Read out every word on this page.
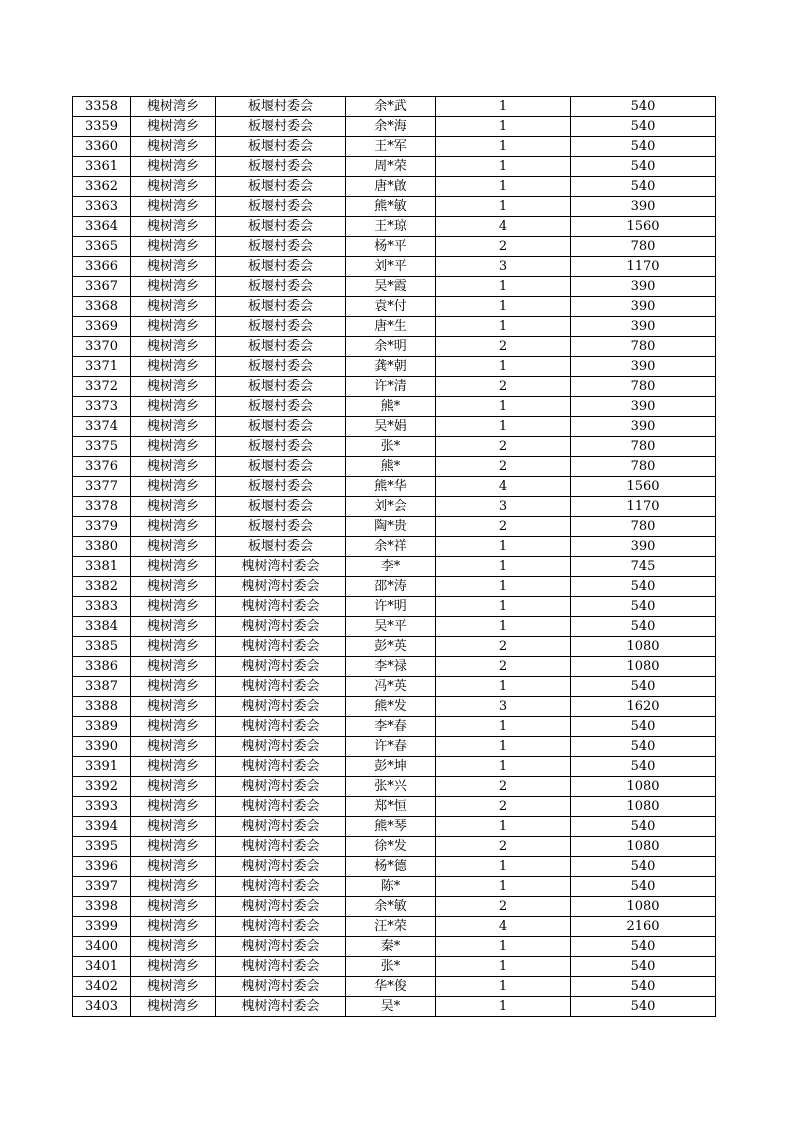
3358	槐树湾乡	板堰村委会	余*武	1	540
3359	槐树湾乡	板堰村委会	余*海	1	540
3360	槐树湾乡	板堰村委会	王*军	1	540
3361	槐树湾乡	板堰村委会	周*荣	1	540
3362	槐树湾乡	板堰村委会	唐*啟	1	540
3363	槐树湾乡	板堰村委会	熊*敏	1	390
3364	槐树湾乡	板堰村委会	王*琼	4	1560
3365	槐树湾乡	板堰村委会	杨*平	2	780
3366	槐树湾乡	板堰村委会	刘*平	3	1170
3367	槐树湾乡	板堰村委会	吴*霞	1	390
3368	槐树湾乡	板堰村委会	袁*付	1	390
3369	槐树湾乡	板堰村委会	唐*生	1	390
3370	槐树湾乡	板堰村委会	余*明	2	780
3371	槐树湾乡	板堰村委会	龚*朝	1	390
3372	槐树湾乡	板堰村委会	许*清	2	780
3373	槐树湾乡	板堰村委会	熊*	1	390
3374	槐树湾乡	板堰村委会	吴*娟	1	390
3375	槐树湾乡	板堰村委会	张*	2	780
3376	槐树湾乡	板堰村委会	熊*	2	780
3377	槐树湾乡	板堰村委会	熊*华	4	1560
3378	槐树湾乡	板堰村委会	刘*会	3	1170
3379	槐树湾乡	板堰村委会	陶*贵	2	780
3380	槐树湾乡	板堰村委会	余*祥	1	390
3381	槐树湾乡	槐树湾村委会	李*	1	745
3382	槐树湾乡	槐树湾村委会	邵*涛	1	540
3383	槐树湾乡	槐树湾村委会	许*明	1	540
3384	槐树湾乡	槐树湾村委会	吴*平	1	540
3385	槐树湾乡	槐树湾村委会	彭*英	2	1080
3386	槐树湾乡	槐树湾村委会	李*禄	2	1080
3387	槐树湾乡	槐树湾村委会	冯*英	1	540
3388	槐树湾乡	槐树湾村委会	熊*发	3	1620
3389	槐树湾乡	槐树湾村委会	李*春	1	540
3390	槐树湾乡	槐树湾村委会	许*春	1	540
3391	槐树湾乡	槐树湾村委会	彭*坤	1	540
3392	槐树湾乡	槐树湾村委会	张*兴	2	1080
3393	槐树湾乡	槐树湾村委会	郑*恒	2	1080
3394	槐树湾乡	槐树湾村委会	熊*琴	1	540
3395	槐树湾乡	槐树湾村委会	徐*发	2	1080
3396	槐树湾乡	槐树湾村委会	杨*德	1	540
3397	槐树湾乡	槐树湾村委会	陈*	1	540
3398	槐树湾乡	槐树湾村委会	余*敏	2	1080
3399	槐树湾乡	槐树湾村委会	汪*荣	4	2160
3400	槐树湾乡	槐树湾村委会	秦*	1	540
3401	槐树湾乡	槐树湾村委会	张*	1	540
3402	槐树湾乡	槐树湾村委会	华*俊	1	540
3403	槐树湾乡	槐树湾村委会	吴*	1	540
